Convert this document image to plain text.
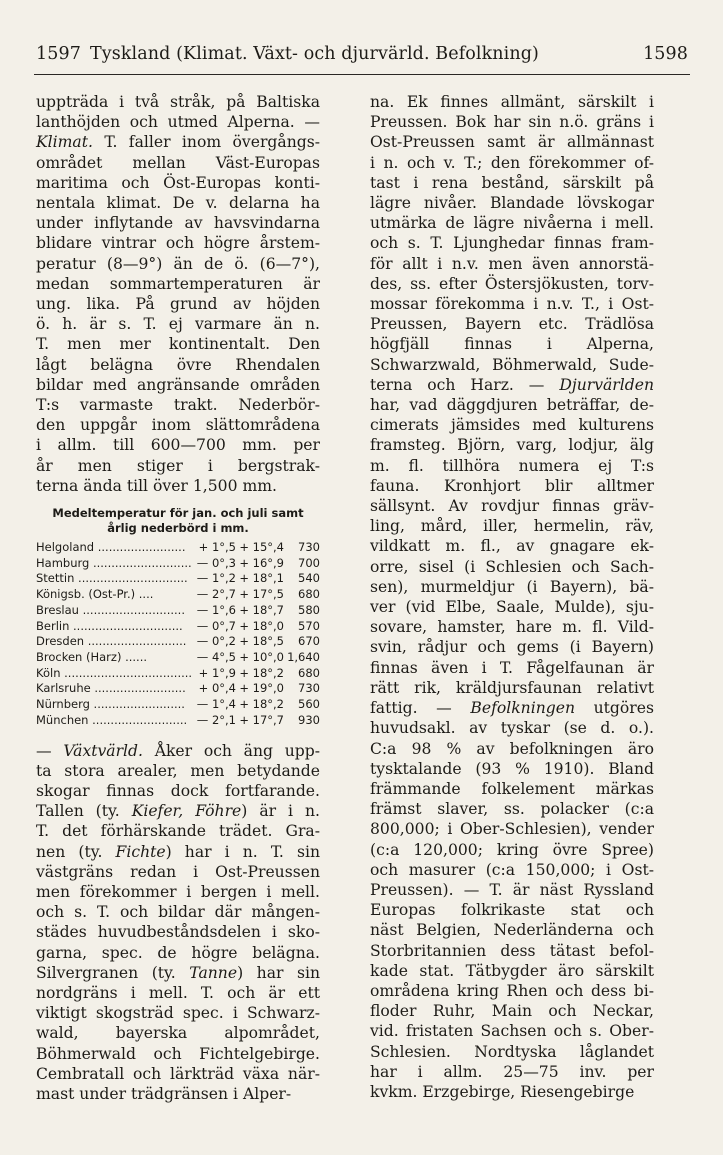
1597 Tyskland (Klimat. Växt- och djurvärld. Befolkning)	1598
uppträda i två stråk, på Baltiska
lanthöjden och utmed Alperna. —
Klimat. T. faller inom övergångs-
området mellan Väst-Europas
maritima och Öst-Europas konti-
nentala klimat. De v. delarna ha
under inflytande av havsvindarna
blidare vintrar och högre årstem-
peratur (8—9°) än de ö. (6—7°),
medan sommartemperaturen är
ung. lika. På grund av höjden
ö. h. är s. T. ej varmare än n.
T. men mer kontinentalt. Den
lågt belägna övre Rhendalen
bildar med angränsande områden
T:s varmaste trakt. Nederbör-
den uppgår inom slättområdena
i allm. till 600—700 mm. per
år men stiger i bergstrak-
terna ända till över 1,500 mm.
Medeltemperatur för jan. och juli samt
årlig nederbörd i mm.
Helgoland ........................	+ 1°,5	+ 15°,4	730
Hamburg ...........................	— 0°,3	+ 16°,9	700
Stettin ..............................	— 1°,2	+ 18°,1	540
Königsb. (Ost-Pr.) ....	— 2°,7	+ 17°,5	680
Breslau ............................	— 1°,6	+ 18°,7	580
Berlin ..............................	— 0°,7	+ 18°,0	570
Dresden ...........................	— 0°,2	+ 18°,5	670
Brocken (Harz) ......	— 4°,5	+ 10°,0	1,640
Köln ...................................	+ 1°,9	+ 18°,2	680
Karlsruhe .........................	+ 0°,4	+ 19°,0	730
Nürnberg .........................	— 1°,4	+ 18°,2	560
München ..........................	— 2°,1	+ 17°,7	930
— Växtvärld. Åker och äng upp-
ta stora arealer, men betydande
skogar finnas dock fortfarande.
Tallen (ty. Kiefer, Föhre) är i n.
T. det förhärskande trädet. Gra-
nen (ty. Fichte) har i n. T. sin
västgräns redan i Ost-Preussen
men förekommer i bergen i mell.
och s. T. och bildar där mången-
städes huvudbeståndsdelen i sko-
garna, spec. de högre belägna.
Silvergranen (ty. Tanne) har sin
nordgräns i mell. T. och är ett
viktigt skogsträd spec. i Schwarz-
wald, bayerska alpområdet,
Böhmerwald och Fichtelgebirge.
Cembratall och lärkträd växa när-
mast under trädgränsen i Alper-
na. Ek finnes allmänt, särskilt i
Preussen. Bok har sin n.ö. gräns i
Ost-Preussen samt är allmännast
i n. och v. T.; den förekommer of-
tast i rena bestånd, särskilt på
lägre nivåer. Blandade lövskogar
utmärka de lägre nivåerna i mell.
och s. T. Ljunghedar finnas fram-
för allt i n.v. men även annorstä-
des, ss. efter Östersjökusten, torv-
mossar förekomma i n.v. T., i Ost-
Preussen, Bayern etc. Trädlösa
högfjäll finnas i Alperna,
Schwarzwald, Böhmerwald, Sude-
terna och Harz. — Djurvärlden
har, vad däggdjuren beträffar, de-
cimerats jämsides med kulturens
framsteg. Björn, varg, lodjur, älg
m. fl. tillhöra numera ej T:s
fauna. Kronhjort blir alltmer
sällsynt. Av rovdjur finnas gräv-
ling, mård, iller, hermelin, räv,
vildkatt m. fl., av gnagare ek-
orre, sisel (i Schlesien och Sach-
sen), murmeldjur (i Bayern), bä-
ver (vid Elbe, Saale, Mulde), sju-
sovare, hamster, hare m. fl. Vild-
svin, rådjur och gems (i Bayern)
finnas även i T. Fågelfaunan är
rätt rik, kräldjursfaunan relativt
fattig. — Befolkningen utgöres
huvudsakl. av tyskar (se d. o.).
C:a 98 % av befolkningen äro
tysktalande (93 % 1910). Bland
främmande folkelement märkas
främst slaver, ss. polacker (c:a
800,000; i Ober-Schlesien), vender
(c:a 120,000; kring övre Spree)
och masurer (c:a 150,000; i Ost-
Preussen). — T. är näst Ryssland
Europas folkrikaste stat och
näst Belgien, Nederländerna och
Storbritannien dess tätast befol-
kade stat. Tätbygder äro särskilt
områdena kring Rhen och dess bi-
floder Ruhr, Main och Neckar,
vid. fristaten Sachsen och s. Ober-
Schlesien. Nordtyska låglandet
har i allm. 25—75 inv. per
kvkm. Erzgebirge, Riesengebirge
